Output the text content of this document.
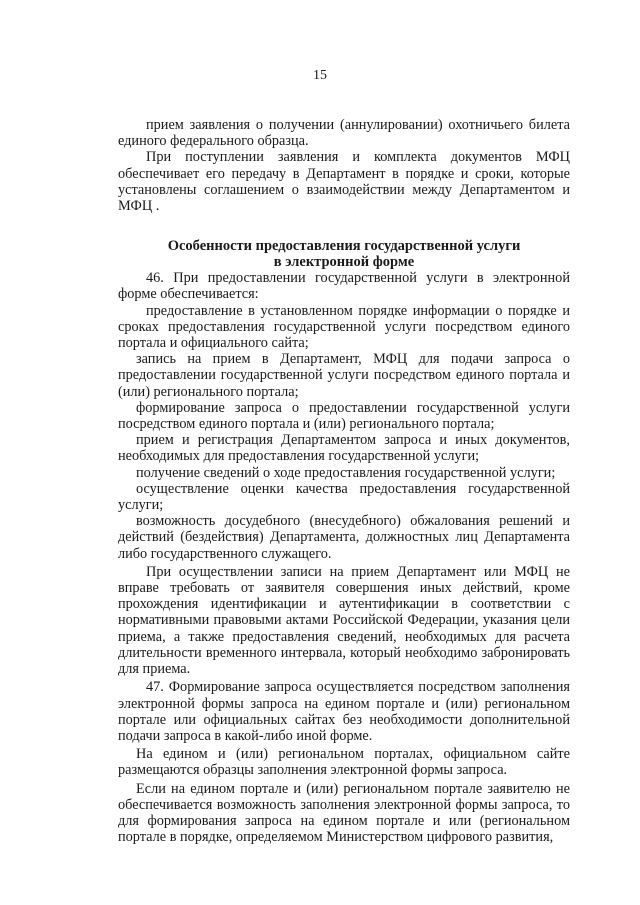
15

прием заявления о получении (аннулировании) охотничьего билета единого федерального образца.

При поступлении заявления и комплекта документов МФЦ обеспечивает его передачу в Департамент в порядке и сроки, которые установлены соглашением о взаимодействии между Департаментом и МФЦ .

Особенности предоставления государственной услуги
в электронной форме

46. При предоставлении государственной услуги в электронной форме обеспечивается:

предоставление в установленном порядке информации о порядке и сроках предоставления государственной услуги посредством единого портала и официального сайта;

запись на прием в Департамент, МФЦ для подачи запроса о предоставлении государственной услуги посредством единого портала и (или) регионального портала;

формирование запроса о предоставлении государственной услуги посредством единого портала и (или) регионального портала;

прием и регистрация Департаментом запроса и иных документов, необходимых для предоставления государственной услуги;

получение сведений о ходе предоставления государственной услуги;

осуществление оценки качества предоставления государственной услуги;

возможность досудебного (внесудебного) обжалования решений и действий (бездействия) Департамента, должностных лиц Департамента либо государственного служащего.

При осуществлении записи на прием Департамент или МФЦ не вправе требовать от заявителя совершения иных действий, кроме прохождения идентификации и аутентификации в соответствии с нормативными правовыми актами Российской Федерации, указания цели приема, а также предоставления сведений, необходимых для расчета длительности временного интервала, который необходимо забронировать для приема.

47. Формирование запроса осуществляется посредством заполнения электронной формы запроса на едином портале и (или) региональном портале или официальных сайтах без необходимости дополнительной подачи запроса в какой-либо иной форме.

На едином и (или) региональном порталах, официальном сайте размещаются образцы заполнения электронной формы запроса.

Если на едином портале и (или) региональном портале заявителю не обеспечивается возможность заполнения электронной формы запроса, то для формирования запроса на едином портале и или (региональном портале в порядке, определяемом Министерством цифрового развития,
